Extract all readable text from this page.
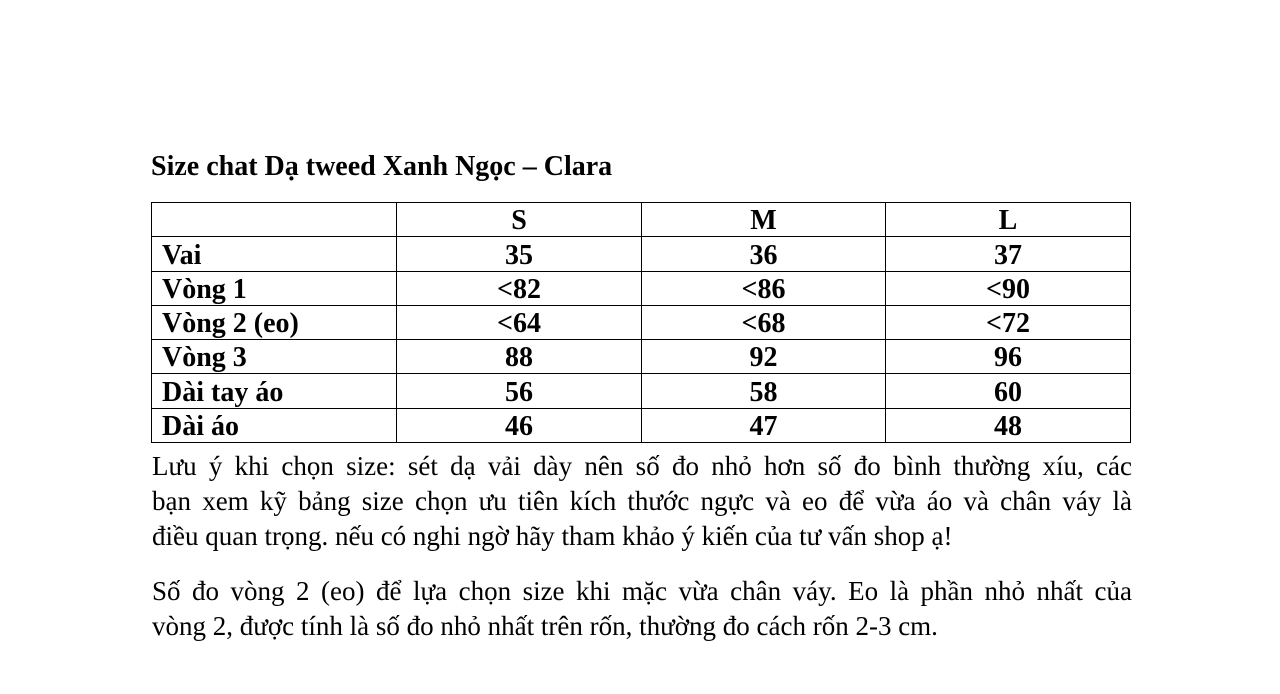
Size chat Dạ tweed Xanh Ngọc – Clara
	S	M	L
Vai	35	36	37
Vòng 1	<82	<86	<90
Vòng 2 (eo)	<64	<68	<72
Vòng 3	88	92	96
Dài tay áo	56	58	60
Dài áo	46	47	48
Lưu ý khi chọn size: sét dạ vải dày nên số đo nhỏ hơn số đo bình thường xíu, các
bạn xem kỹ bảng size chọn ưu tiên kích thước ngực và eo để vừa áo và chân váy là
điều quan trọng. nếu có nghi ngờ hãy tham khảo ý kiến của tư vấn shop ạ!
Số đo vòng 2 (eo) để lựa chọn size khi mặc vừa chân váy. Eo là phần nhỏ nhất của
vòng 2, được tính là số đo nhỏ nhất trên rốn, thường đo cách rốn 2-3 cm.
